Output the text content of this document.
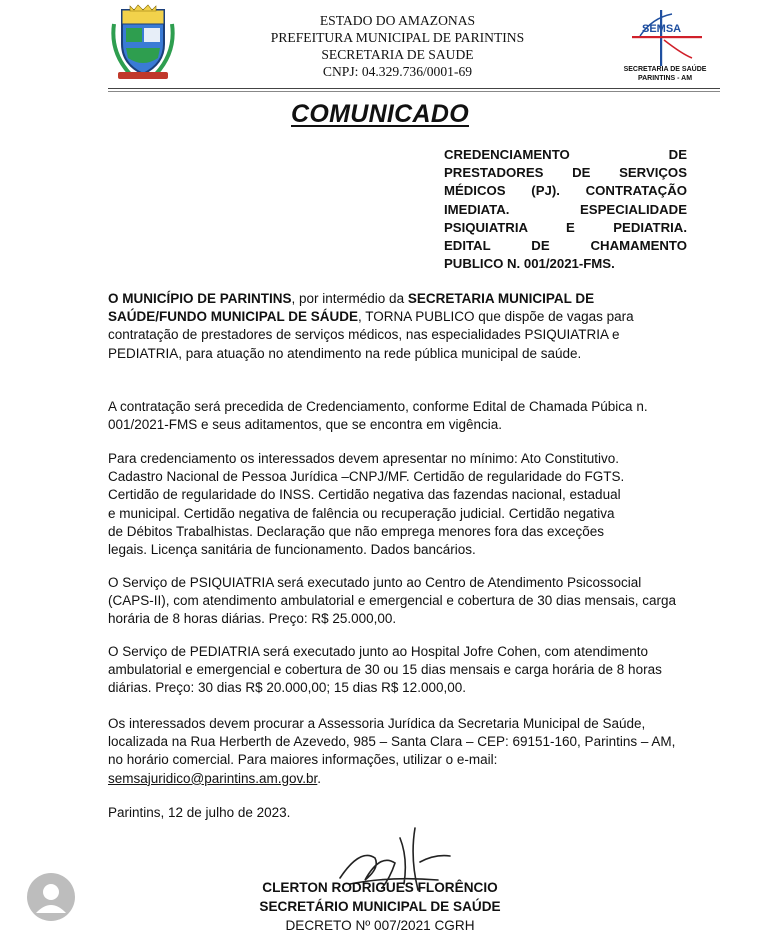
ESTADO DO AMAZONAS
PREFEITURA MUNICIPAL DE PARINTINS
SECRETARIA DE SAUDE
CNPJ: 04.329.736/0001-69
SEMSA
SECRETARIA DE SAÚDE
PARINTINS - AM
COMUNICADO
CREDENCIAMENTO DE
PRESTADORES DE SERVIÇOS
MÉDICOS (PJ). CONTRATAÇÃO
IMEDIATA. ESPECIALIDADE
PSIQUIATRIA E PEDIATRIA.
EDITAL DE CHAMAMENTO
PUBLICO N. 001/2021-FMS.
O MUNICÍPIO DE PARINTINS, por intermédio da SECRETARIA MUNICIPAL DE SAÚDE/FUNDO MUNICIPAL DE SÁUDE, TORNA PUBLICO que dispõe de vagas para contratação de prestadores de serviços médicos, nas especialidades PSIQUIATRIA e PEDIATRIA, para atuação no atendimento na rede pública municipal de saúde.
A contratação será precedida de Credenciamento, conforme Edital de Chamada Púbica n. 001/2021-FMS e seus aditamentos, que se encontra em vigência.
Para credenciamento os interessados devem apresentar no mínimo: Ato Constitutivo.
Cadastro Nacional de Pessoa Jurídica –CNPJ/MF. Certidão de regularidade do FGTS.
Certidão de regularidade do INSS. Certidão negativa das fazendas nacional, estadual
e municipal. Certidão negativa de falência ou recuperação judicial. Certidão negativa
de Débitos Trabalhistas. Declaração que não emprega menores fora das exceções
legais. Licença sanitária de funcionamento. Dados bancários.
O Serviço de PSIQUIATRIA será executado junto ao Centro de Atendimento Psicossocial (CAPS-II), com atendimento ambulatorial e emergencial e cobertura de 30 dias mensais, carga horária de 8 horas diárias. Preço: R$ 25.000,00.
O Serviço de PEDIATRIA será executado junto ao Hospital Jofre Cohen, com atendimento ambulatorial e emergencial e cobertura de 30 ou 15 dias mensais e carga horária de 8 horas diárias. Preço: 30 dias R$ 20.000,00; 15 dias R$ 12.000,00.
Os interessados devem procurar a Assessoria Jurídica da Secretaria Municipal de Saúde, localizada na Rua Herberth de Azevedo, 985 – Santa Clara – CEP: 69151-160, Parintins – AM, no horário comercial. Para maiores informações, utilizar o e-mail: semsajuridico@parintins.am.gov.br.
Parintins, 12 de julho de 2023.
CLERTON RODRIGUES FLORÊNCIO
SECRETÁRIO MUNICIPAL DE SAÚDE
DECRETO Nº 007/2021 CGRH
